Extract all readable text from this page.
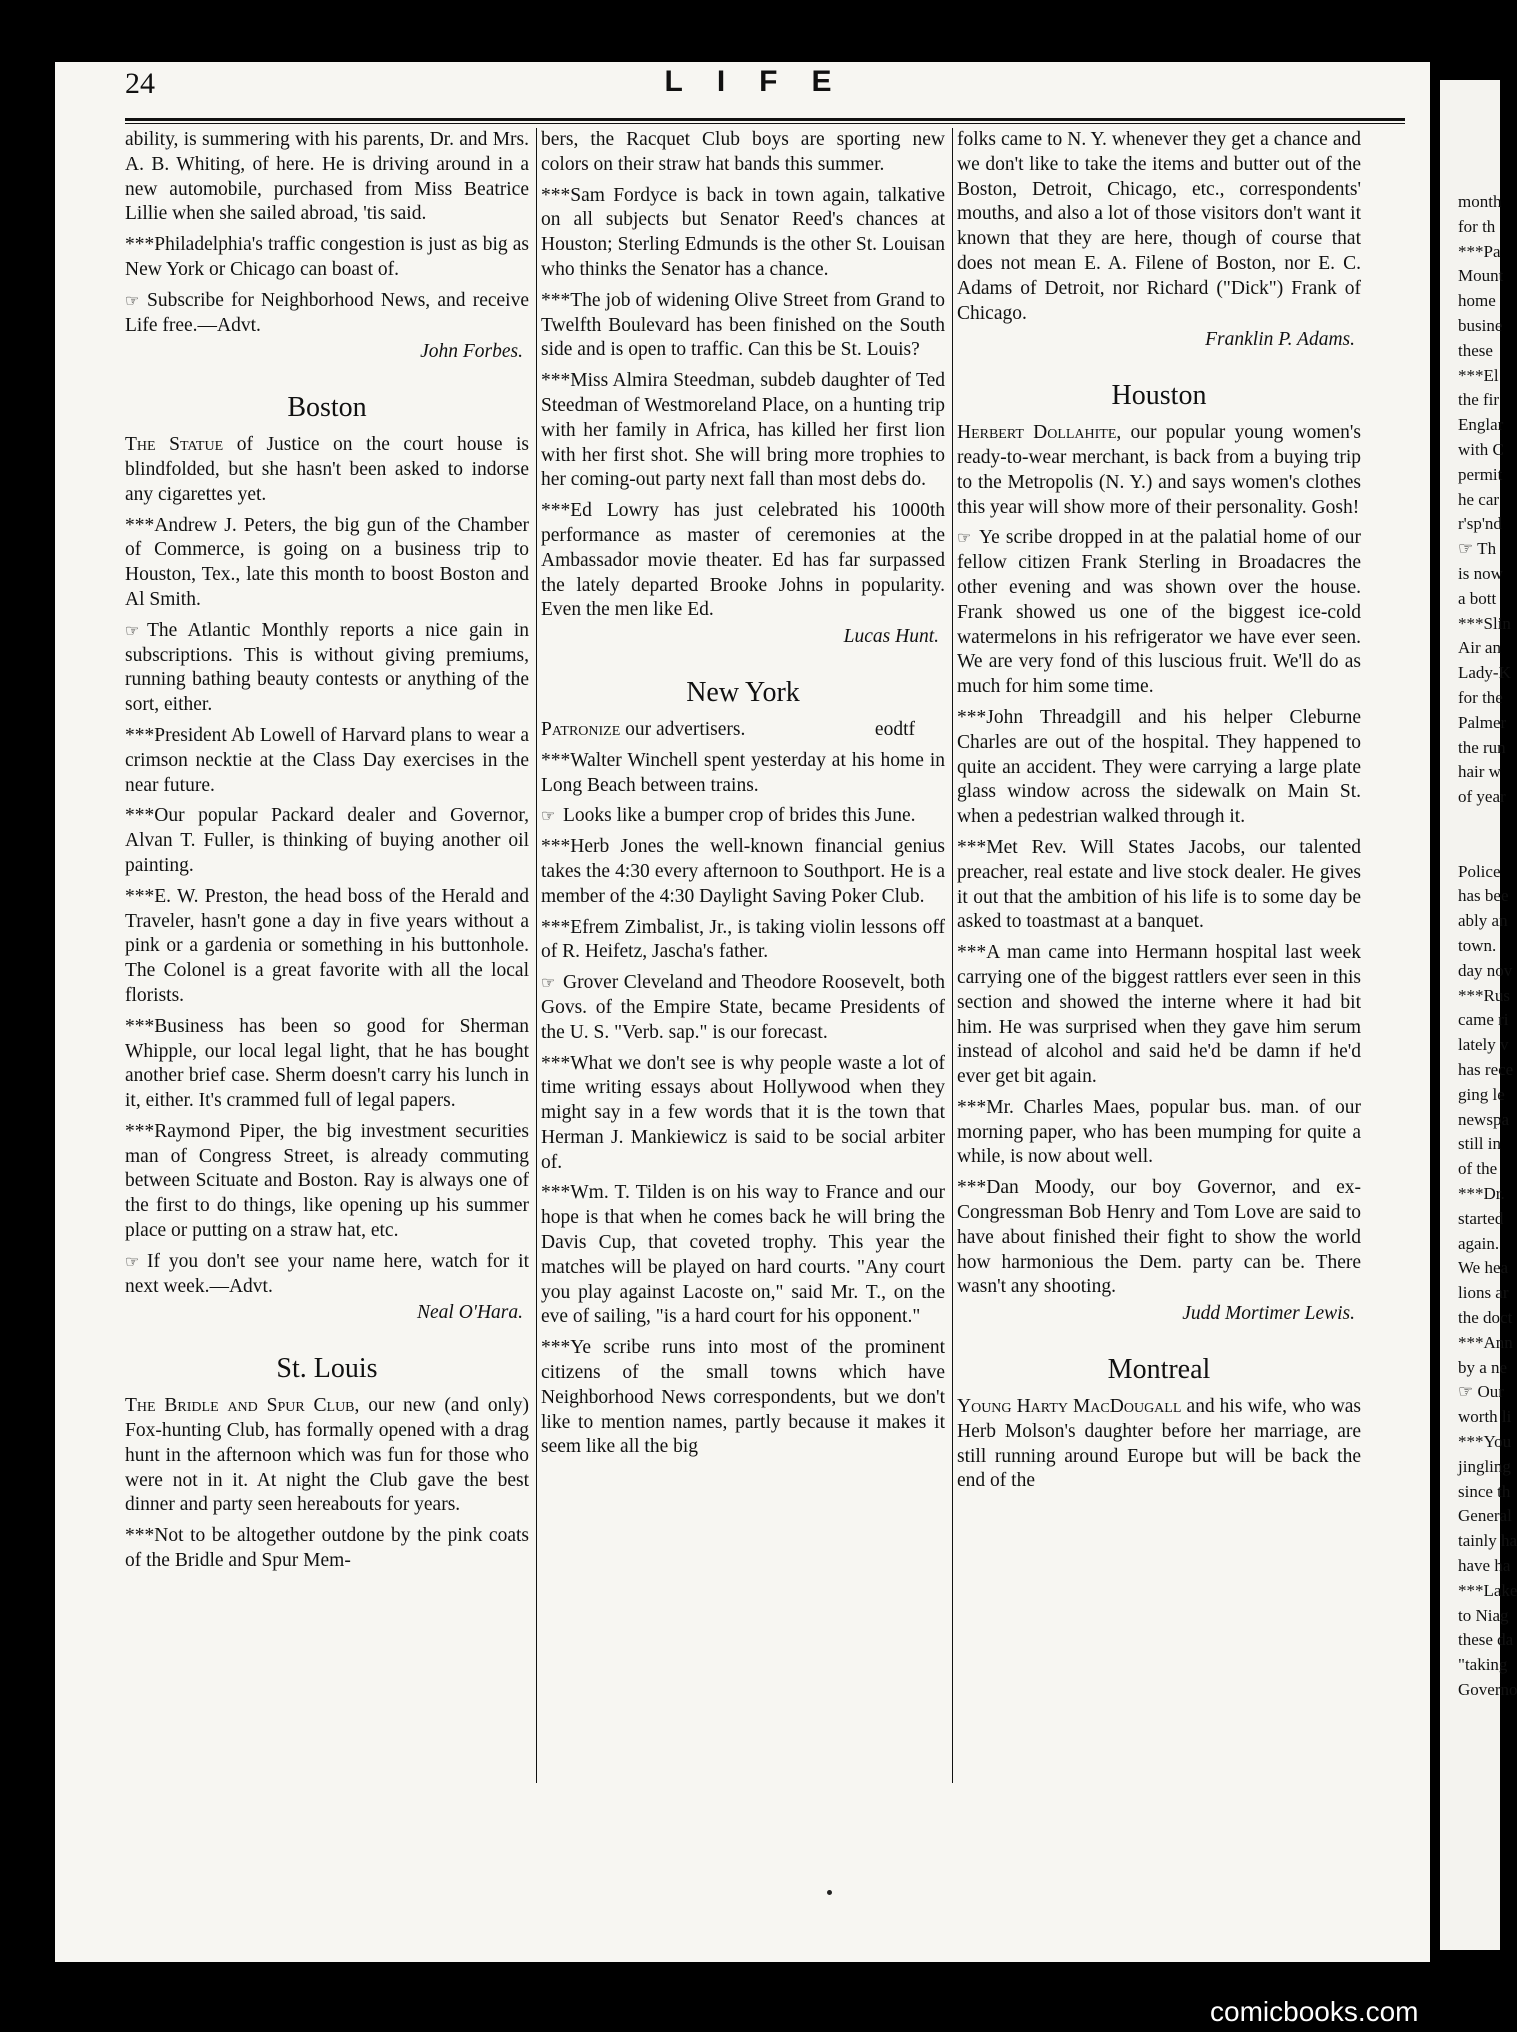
month
for th
***Pa
Mount
home
busine
these
***El
the fir
Englar
with C
permit
he car
r'sp'nd
☞ Th
is now
a bott
***Slin
Air an
Lady-K
for the
Palmer
the run
hair w
of year
Police
has bee
ably an
town.
day nov
***Rus
came ri
lately v
has rece
ging le
newspa
still in
of the
***Dr.
started
again.
We hea
lions ar
the doct
***Ann
by a ne
☞ Our
worth li
***You
jingling
since th
General
tainly ha
have ha
***Lake
to Niag
these da
"taking
Governo
24	LIFE

ability, is summering with his parents, Dr. and Mrs. A. B. Whiting, of here. He is driving around in a new automobile, purchased from Miss Beatrice Lillie when she sailed abroad, 'tis said.

***Philadelphia's traffic congestion is just as big as New York or Chicago can boast of.

☞ Subscribe for Neighborhood News, and receive Life free.—Advt.

John Forbes.
Boston

The Statue of Justice on the court house is blindfolded, but she hasn't been asked to indorse any cigarettes yet.

***Andrew J. Peters, the big gun of the Chamber of Commerce, is going on a business trip to Houston, Tex., late this month to boost Boston and Al Smith.

☞ The Atlantic Monthly reports a nice gain in subscriptions. This is without giving premiums, running bathing beauty contests or anything of the sort, either.

***President Ab Lowell of Harvard plans to wear a crimson necktie at the Class Day exercises in the near future.

***Our popular Packard dealer and Governor, Alvan T. Fuller, is thinking of buying another oil painting.

***E. W. Preston, the head boss of the Herald and Traveler, hasn't gone a day in five years without a pink or a gardenia or something in his buttonhole. The Colonel is a great favorite with all the local florists.

***Business has been so good for Sherman Whipple, our local legal light, that he has bought another brief case. Sherm doesn't carry his lunch in it, either. It's crammed full of legal papers.

***Raymond Piper, the big investment securities man of Congress Street, is already commuting between Scituate and Boston. Ray is always one of the first to do things, like opening up his summer place or putting on a straw hat, etc.

☞ If you don't see your name here, watch for it next week.—Advt.

Neal O'Hara.
St. Louis

The Bridle and Spur Club, our new (and only) Fox-hunting Club, has formally opened with a drag hunt in the afternoon which was fun for those who were not in it. At night the Club gave the best dinner and party seen hereabouts for years.

***Not to be altogether outdone by the pink coats of the Bridle and Spur Mem-

bers, the Racquet Club boys are sporting new colors on their straw hat bands this summer.

***Sam Fordyce is back in town again, talkative on all subjects but Senator Reed's chances at Houston; Sterling Edmunds is the other St. Louisan who thinks the Senator has a chance.

***The job of widening Olive Street from Grand to Twelfth Boulevard has been finished on the South side and is open to traffic. Can this be St. Louis?

***Miss Almira Steedman, subdeb daughter of Ted Steedman of Westmoreland Place, on a hunting trip with her family in Africa, has killed her first lion with her first shot. She will bring more trophies to her coming-out party next fall than most debs do.

***Ed Lowry has just celebrated his 1000th performance as master of ceremonies at the Ambassador movie theater. Ed has far surpassed the lately departed Brooke Johns in popularity. Even the men like Ed.

Lucas Hunt.
New York

Patronize our advertisers.	eodtf

***Walter Winchell spent yesterday at his home in Long Beach between trains.

☞ Looks like a bumper crop of brides this June.

***Herb Jones the well-known financial genius takes the 4:30 every afternoon to Southport. He is a member of the 4:30 Daylight Saving Poker Club.

***Efrem Zimbalist, Jr., is taking violin lessons off of R. Heifetz, Jascha's father.

☞ Grover Cleveland and Theodore Roosevelt, both Govs. of the Empire State, became Presidents of the U. S. "Verb. sap." is our forecast.

***What we don't see is why people waste a lot of time writing essays about Hollywood when they might say in a few words that it is the town that Herman J. Mankiewicz is said to be social arbiter of.

***Wm. T. Tilden is on his way to France and our hope is that when he comes back he will bring the Davis Cup, that coveted trophy. This year the matches will be played on hard courts. "Any court you play against Lacoste on," said Mr. T., on the eve of sailing, "is a hard court for his opponent."

***Ye scribe runs into most of the prominent citizens of the small towns which have Neighborhood News correspondents, but we don't like to mention names, partly because it makes it seem like all the big

folks came to N. Y. whenever they get a chance and we don't like to take the items and butter out of the Boston, Detroit, Chicago, etc., correspondents' mouths, and also a lot of those visitors don't want it known that they are here, though of course that does not mean E. A. Filene of Boston, nor E. C. Adams of Detroit, nor Richard ("Dick") Frank of Chicago.

Franklin P. Adams.
Houston

Herbert Dollahite, our popular young women's ready-to-wear merchant, is back from a buying trip to the Metropolis (N. Y.) and says women's clothes this year will show more of their personality. Gosh!

☞ Ye scribe dropped in at the palatial home of our fellow citizen Frank Sterling in Broadacres the other evening and was shown over the house. Frank showed us one of the biggest ice-cold watermelons in his refrigerator we have ever seen. We are very fond of this luscious fruit. We'll do as much for him some time.

***John Threadgill and his helper Cleburne Charles are out of the hospital. They happened to quite an accident. They were carrying a large plate glass window across the sidewalk on Main St. when a pedestrian walked through it.

***Met Rev. Will States Jacobs, our talented preacher, real estate and live stock dealer. He gives it out that the ambition of his life is to some day be asked to toastmast at a banquet.

***A man came into Hermann hospital last week carrying one of the biggest rattlers ever seen in this section and showed the interne where it had bit him. He was surprised when they gave him serum instead of alcohol and said he'd be damn if he'd ever get bit again.

***Mr. Charles Maes, popular bus. man. of our morning paper, who has been mumping for quite a while, is now about well.

***Dan Moody, our boy Governor, and ex-Congressman Bob Henry and Tom Love are said to have about finished their fight to show the world how harmonious the Dem. party can be. There wasn't any shooting.

Judd Mortimer Lewis.
Montreal

Young Harty MacDougall and his wife, who was Herb Molson's daughter before her marriage, are still running around Europe but will be back the end of the

comicbooks.com
